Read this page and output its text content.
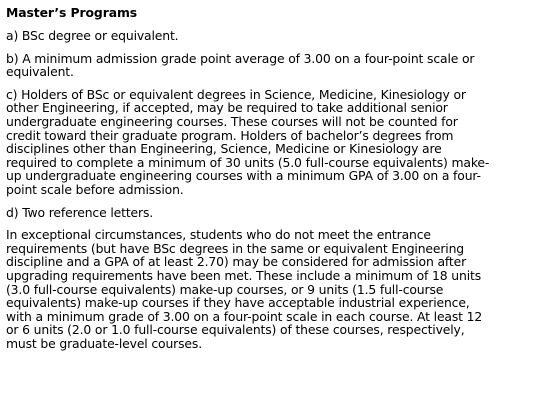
Master’s Programs

a) BSc degree or equivalent.

b) A minimum admission grade point average of 3.00 on a four-point scale or
equivalent.

c) Holders of BSc or equivalent degrees in Science, Medicine, Kinesiology or
other Engineering, if accepted, may be required to take additional senior
undergraduate engineering courses. These courses will not be counted for
credit toward their graduate program. Holders of bachelor’s degrees from
disciplines other than Engineering, Science, Medicine or Kinesiology are
required to complete a minimum of 30 units (5.0 full-course equivalents) make-
up undergraduate engineering courses with a minimum GPA of 3.00 on a four-
point scale before admission.

d) Two reference letters.

In exceptional circumstances, students who do not meet the entrance
requirements (but have BSc degrees in the same or equivalent Engineering
discipline and a GPA of at least 2.70) may be considered for admission after
upgrading requirements have been met. These include a minimum of 18 units
(3.0 full-course equivalents) make-up courses, or 9 units (1.5 full-course
equivalents) make-up courses if they have acceptable industrial experience,
with a minimum grade of 3.00 on a four-point scale in each course. At least 12
or 6 units (2.0 or 1.0 full-course equivalents) of these courses, respectively,
must be graduate-level courses.
